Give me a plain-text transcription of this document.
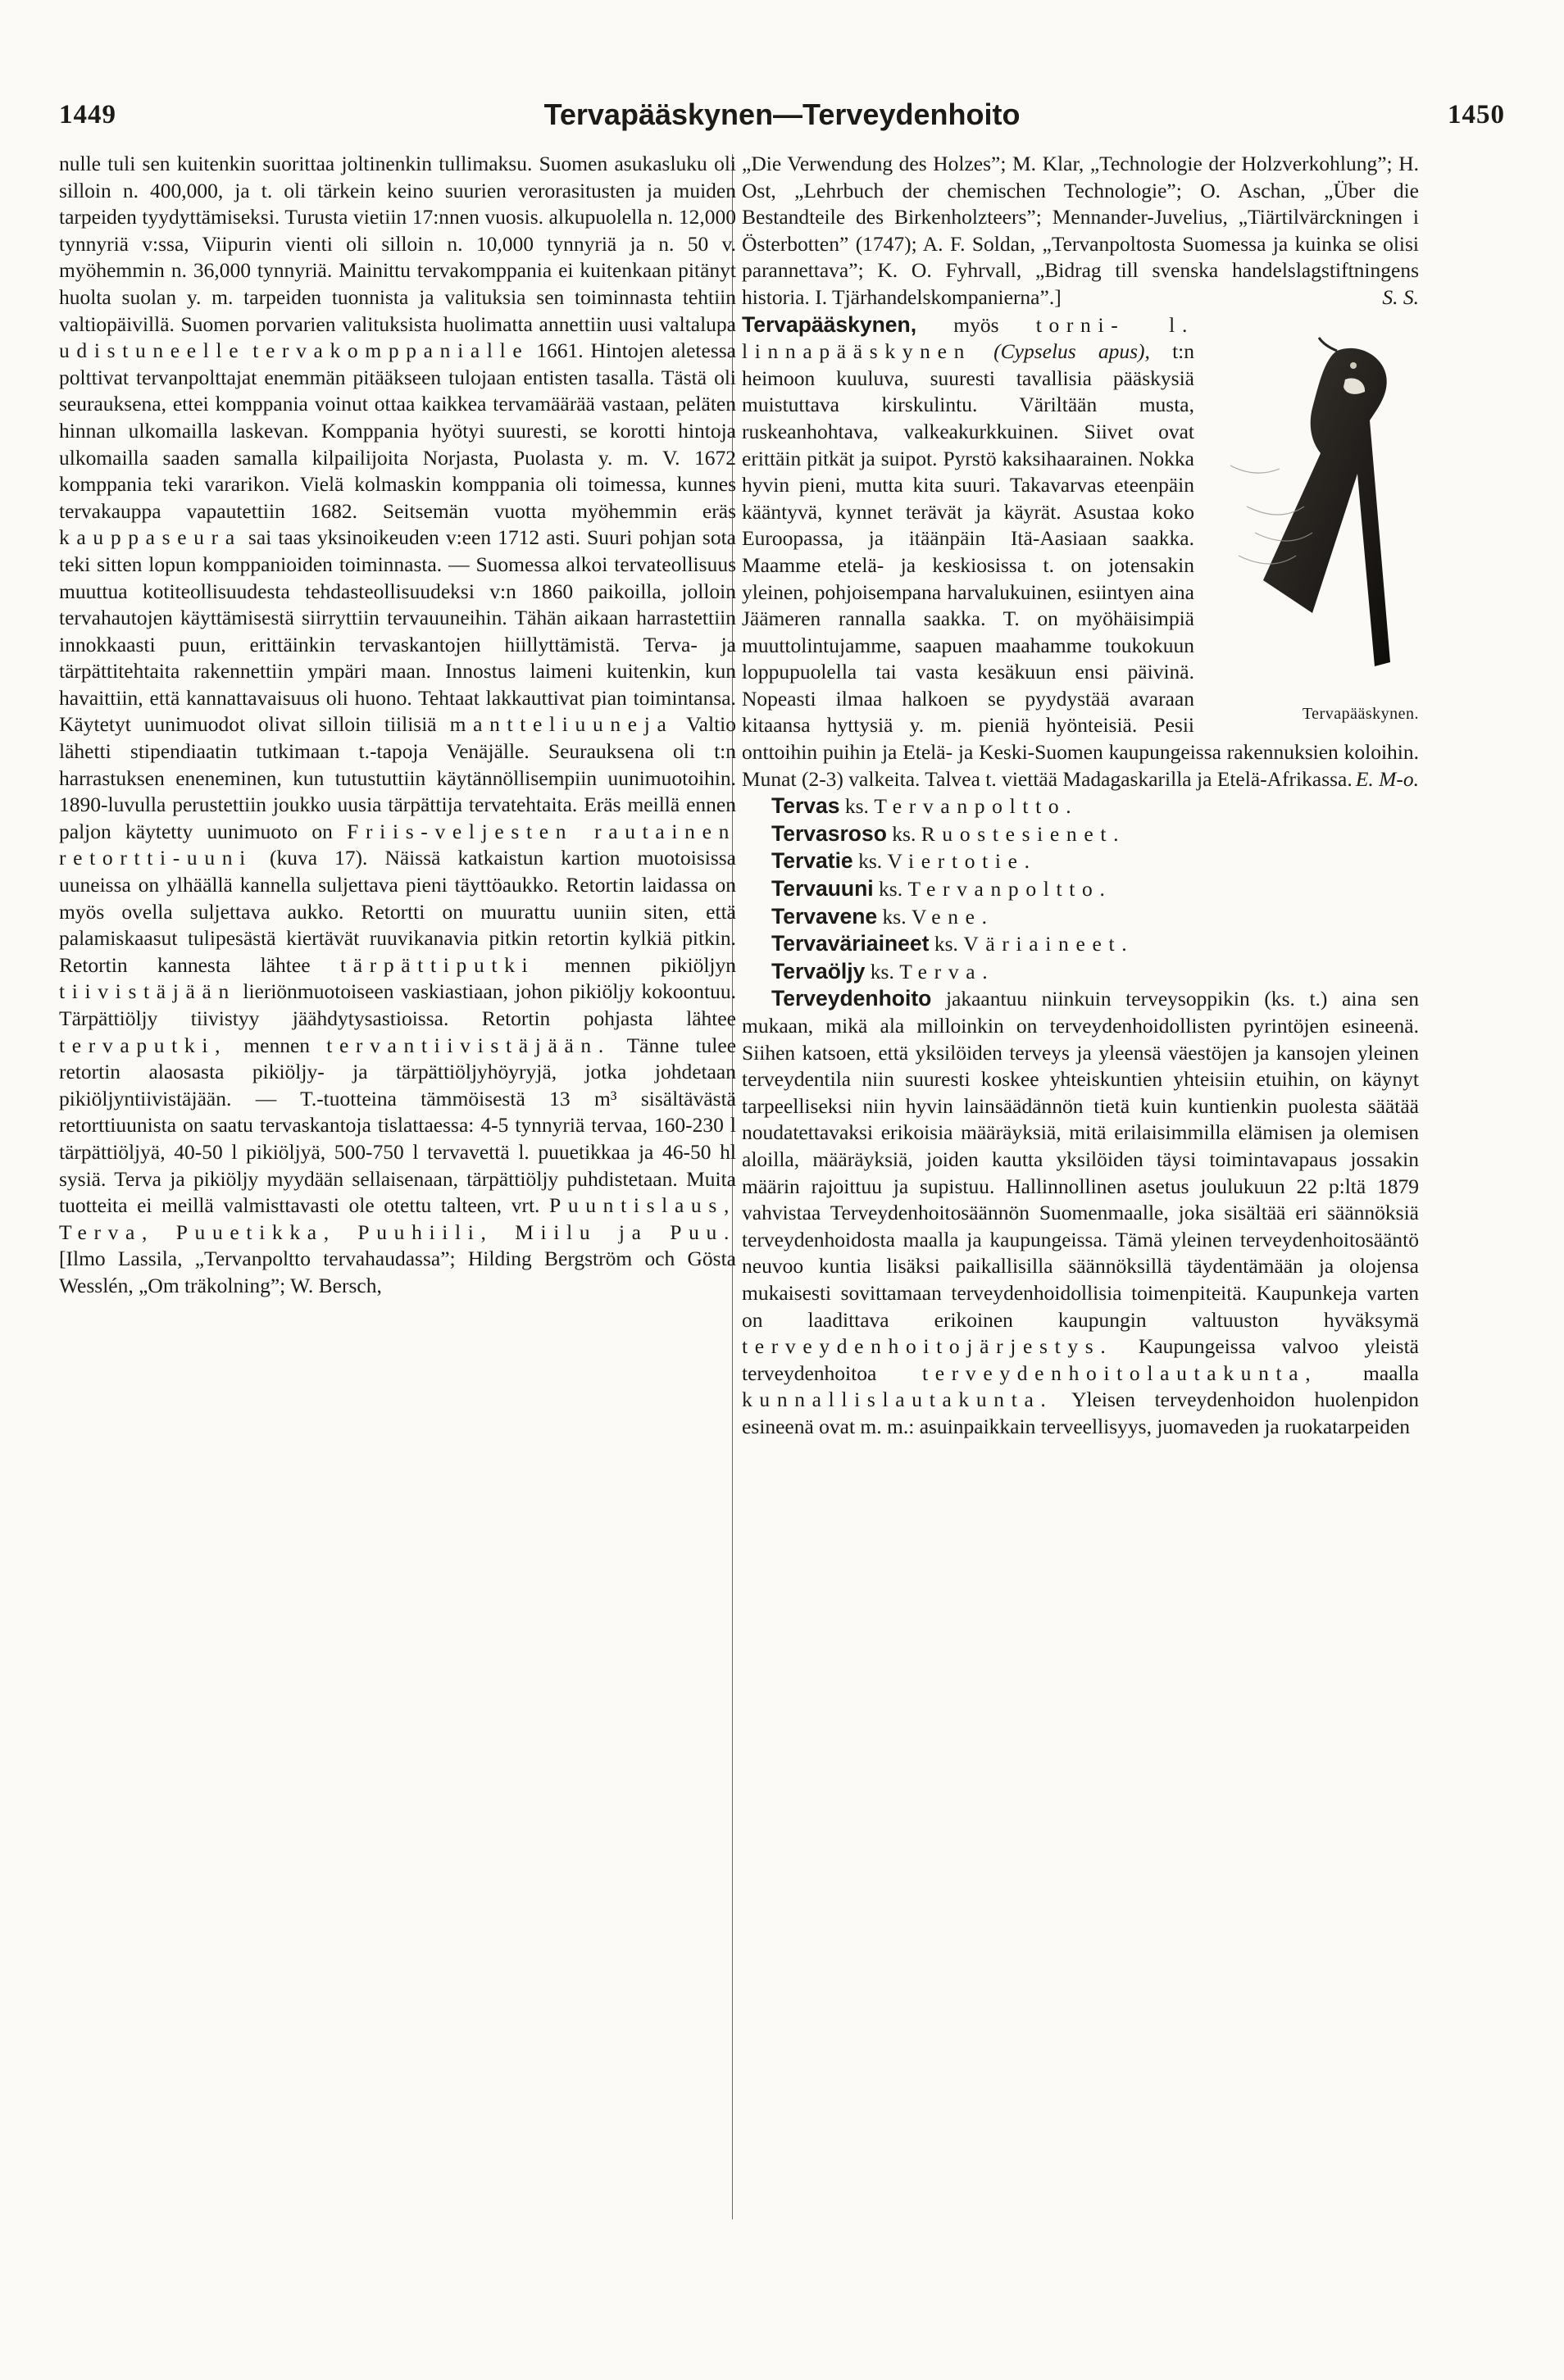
1449	Tervapääskynen—Terveydenhoito	1450

nulle tuli sen kuitenkin suorittaa joltinenkin tullimaksu. Suomen asukasluku oli silloin n. 400,000, ja t. oli tärkein keino suurien verorasitusten ja muiden tarpeiden tyydyttämiseksi. Turusta vietiin 17:nnen vuosis. alkupuolella n. 12,000 tynnyriä v:ssa, Viipurin vienti oli silloin n. 10,000 tynnyriä ja n. 50 v. myöhemmin n. 36,000 tynnyriä. Mainittu tervakomppania ei kuitenkaan pitänyt huolta suolan y. m. tarpeiden tuonnista ja valituksia sen toiminnasta tehtiin valtiopäivillä. Suomen porvarien valituksista huolimatta annettiin uusi valtalupa udistuneelle tervakomppanialle 1661. Hintojen aletessa polttivat tervanpolttajat enemmän pitääkseen tulojaan entisten tasalla. Tästä oli seurauksena, ettei komppania voinut ottaa kaikkea tervamäärää vastaan, peläten hinnan ulkomailla laskevan. Komppania hyötyi suuresti, se korotti hintoja ulkomailla saaden samalla kilpailijoita Norjasta, Puolasta y. m. V. 1672 komppania teki vararikon. Vielä kolmaskin komppania oli toimessa, kunnes tervakauppa vapautettiin 1682. Seitsemän vuotta myöhemmin eräs kauppaseura sai taas yksinoikeuden v:een 1712 asti. Suuri pohjan sota teki sitten lopun komppanioiden toiminnasta. — Suomessa alkoi tervateollisuus muuttua kotiteollisuudesta tehdasteollisuudeksi v:n 1860 paikoilla, jolloin tervahautojen käyttämisestä siirryttiin tervauuneihin. Tähän aikaan harrastettiin innokkaasti puun, erittäinkin tervaskantojen hiillyttämistä. Terva- ja tärpättitehtaita rakennettiin ympäri maan. Innostus laimeni kuitenkin, kun havaittiin, että kannattavaisuus oli huono. Tehtaat lakkauttivat pian toimintansa. Käytetyt uunimuodot olivat silloin tiilisiä mantteliuuneja Valtio lähetti stipendiaatin tutkimaan t.-tapoja Venäjälle. Seurauksena oli t:n harrastuksen eneneminen, kun tutustuttiin käytännöllisempiin uunimuotoihin. 1890-luvulla perustettiin joukko uusia tärpättija tervatehtaita. Eräs meillä ennen paljon käytetty uunimuoto on Friis-veljesten rautainen retortti-uuni (kuva 17). Näissä katkaistun kartion muotoisissa uuneissa on ylhäällä kannella suljettava pieni täyttöaukko. Retortin laidassa on myös ovella suljettava aukko. Retortti on muurattu uuniin siten, että palamiskaasut tulipesästä kiertävät ruuvikanavia pitkin retortin kylkiä pitkin. Retortin kannesta lähtee tärpättiputki mennen pikiöljyn tiivistäjään lieriönmuotoiseen vaskiastiaan, johon pikiöljy kokoontuu. Tärpättiöljy tiivistyy jäähdytysastioissa. Retortin pohjasta lähtee tervaputki, mennen tervantiivistäjään. Tänne tulee retortin alaosasta pikiöljy- ja tärpättiöljyhöyryjä, jotka johdetaan pikiöljyntiivistäjään. — T.-tuotteina tämmöisestä 13 m³ sisältävästä retorttiuunista on saatu tervaskantoja tislattaessa: 4-5 tynnyriä tervaa, 160-230 l tärpättiöljyä, 40-50 l pikiöljyä, 500-750 l tervavettä l. puuetikkaa ja 46-50 hl sysiä. Terva ja pikiöljy myydään sellaisenaan, tärpättiöljy puhdistetaan. Muita tuotteita ei meillä valmisttavasti ole otettu talteen, vrt. Puuntislaus, Terva, Puuetikka, Puuhiili, Miilu ja Puu. [Ilmo Lassila, „Tervanpoltto tervahaudassa”; Hilding Bergström och Gösta Wesslén, „Om träkolning”; W. Bersch,

„Die Verwendung des Holzes”; M. Klar, „Technologie der Holzverkohlung”; H. Ost, „Lehrbuch der chemischen Technologie”; O. Aschan, „Über die Bestandteile des Birkenholzteers”; Mennander-Juvelius, „Tiärtilvärckningen i Österbotten” (1747); A. F. Soldan, „Tervanpoltosta Suomessa ja kuinka se olisi parannettava”; K. O. Fyhrvall, „Bidrag till svenska handelslagstiftningens historia. I. Tjärhandelskompanierna”.]	S. S.

Tervapääskynen.
Tervapääskynen, myös torni- l. linnapääskynen (Cypselus apus), t:n heimoon kuuluva, suuresti tavallisia pääskysiä muistuttava kirskulintu. Väriltään musta, ruskeanhohtava, valkeakurkkuinen. Siivet ovat erittäin pitkät ja suipot. Pyrstö kaksihaarainen. Nokka hyvin pieni, mutta kita suuri. Takavarvas eteenpäin kääntyvä, kynnet terävät ja käyrät. Asustaa koko Euroopassa, ja itäänpäin Itä-Aasiaan saakka. Maamme etelä- ja keskiosissa t. on jotensakin yleinen, pohjoisempana harvalukuinen, esiintyen aina Jäämeren rannalla saakka. T. on myöhäisimpiä muuttolintujamme, saapuen maahamme toukokuun loppupuolella tai vasta kesäkuun ensi päivinä. Nopeasti ilmaa halkoen se pyydystää avaraan kitaansa hyttysiä y. m. pieniä hyönteisiä. Pesii onttoihin puihin ja Etelä- ja Keski-Suomen kaupungeissa rakennuksien koloihin. Munat (2-3) valkeita. Talvea t. viettää Madagaskarilla ja Etelä-Afrikassa. E. M-o.

Tervas ks. Tervanpoltto.

Tervasroso ks. Ruostesienet.

Tervatie ks. Viertotie.

Tervauuni ks. Tervanpoltto.

Tervavene ks. Vene.

Tervaväriaineet ks. Väriaineet.

Tervaöljy ks. Terva.

Terveydenhoito jakaantuu niinkuin terveysoppikin (ks. t.) aina sen mukaan, mikä ala milloinkin on terveydenhoidollisten pyrintöjen esineenä. Siihen katsoen, että yksilöiden terveys ja yleensä väestöjen ja kansojen yleinen terveydentila niin suuresti koskee yhteiskuntien yhteisiin etuihin, on käynyt tarpeelliseksi niin hyvin lainsäädännön tietä kuin kuntienkin puolesta säätää noudatettavaksi erikoisia määräyksiä, mitä erilaisimmilla elämisen ja olemisen aloilla, määräyksiä, joiden kautta yksilöiden täysi toimintavapaus jossakin määrin rajoittuu ja supistuu. Hallinnollinen asetus joulukuun 22 p:ltä 1879 vahvistaa Terveydenhoitosäännön Suomenmaalle, joka sisältää eri säännöksiä terveydenhoidosta maalla ja kaupungeissa. Tämä yleinen terveydenhoitosääntö neuvoo kuntia lisäksi paikallisilla säännöksillä täydentämään ja olojensa mukaisesti sovittamaan terveydenhoidollisia toimenpiteitä. Kaupunkeja varten on laadittava erikoinen kaupungin valtuuston hyväksymä terveydenhoitojärjestys. Kaupungeissa valvoo yleistä terveydenhoitoa terveydenhoitolautakunta, maalla kunnallislautakunta. Yleisen terveydenhoidon huolenpidon esineenä ovat m. m.: asuinpaikkain terveellisyys, juomaveden ja ruokatarpeiden
